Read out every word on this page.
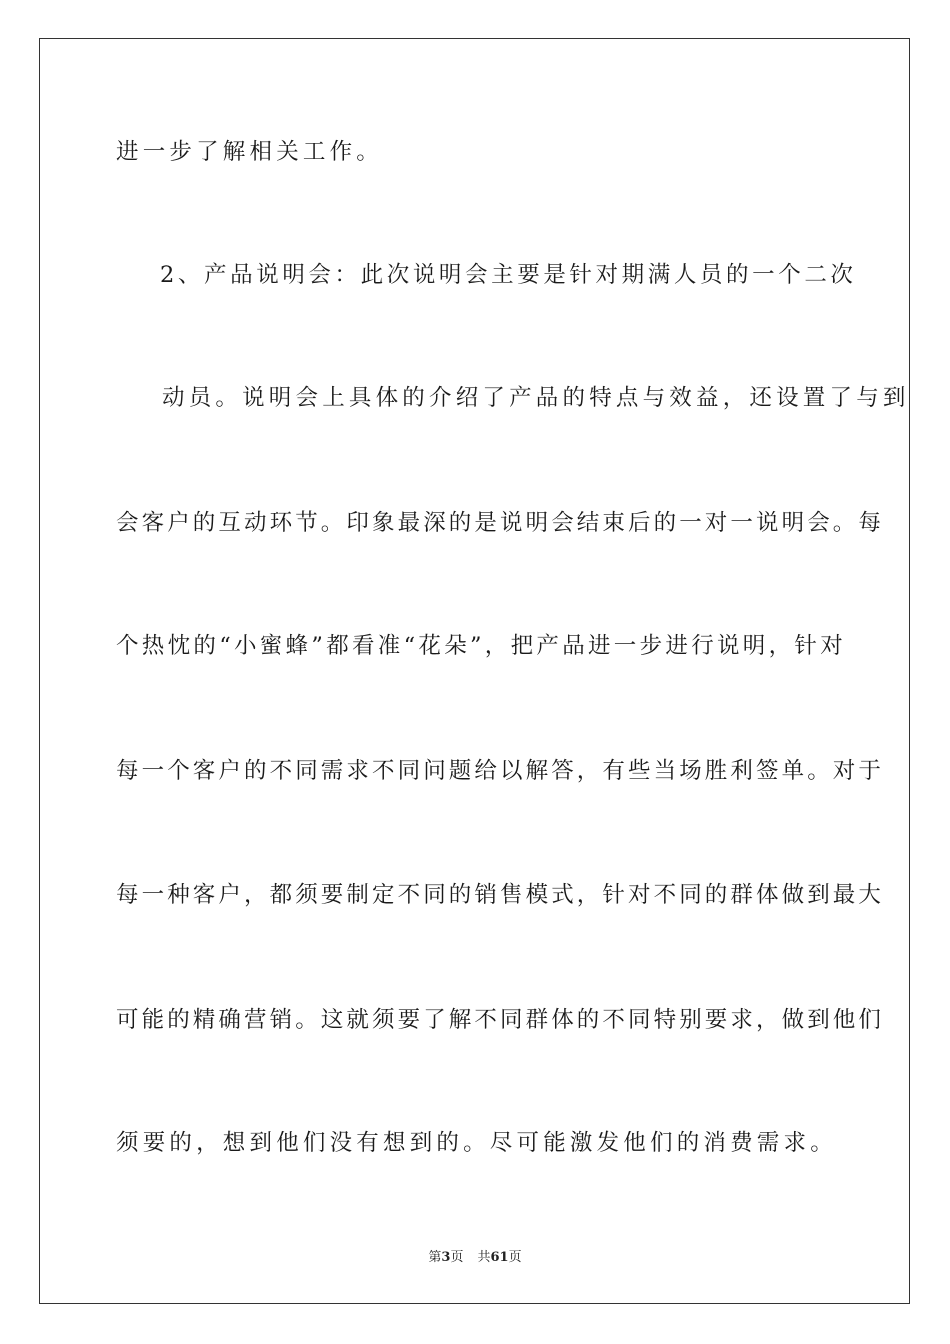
进一步了解相关工作。
2、产品说明会：此次说明会主要是针对期满人员的一个二次
动员。说明会上具体的介绍了产品的特点与效益，还设置了与到
会客户的互动环节。印象最深的是说明会结束后的一对一说明会。每
个热忱的“小蜜蜂”都看准“花朵”，把产品进一步进行说明，针对
每一个客户的不同需求不同问题给以解答，有些当场胜利签单。对于
每一种客户，都须要制定不同的销售模式，针对不同的群体做到最大
可能的精确营销。这就须要了解不同群体的不同特别要求，做到他们
须要的，想到他们没有想到的。尽可能激发他们的消费需求。
第3页 共61页
